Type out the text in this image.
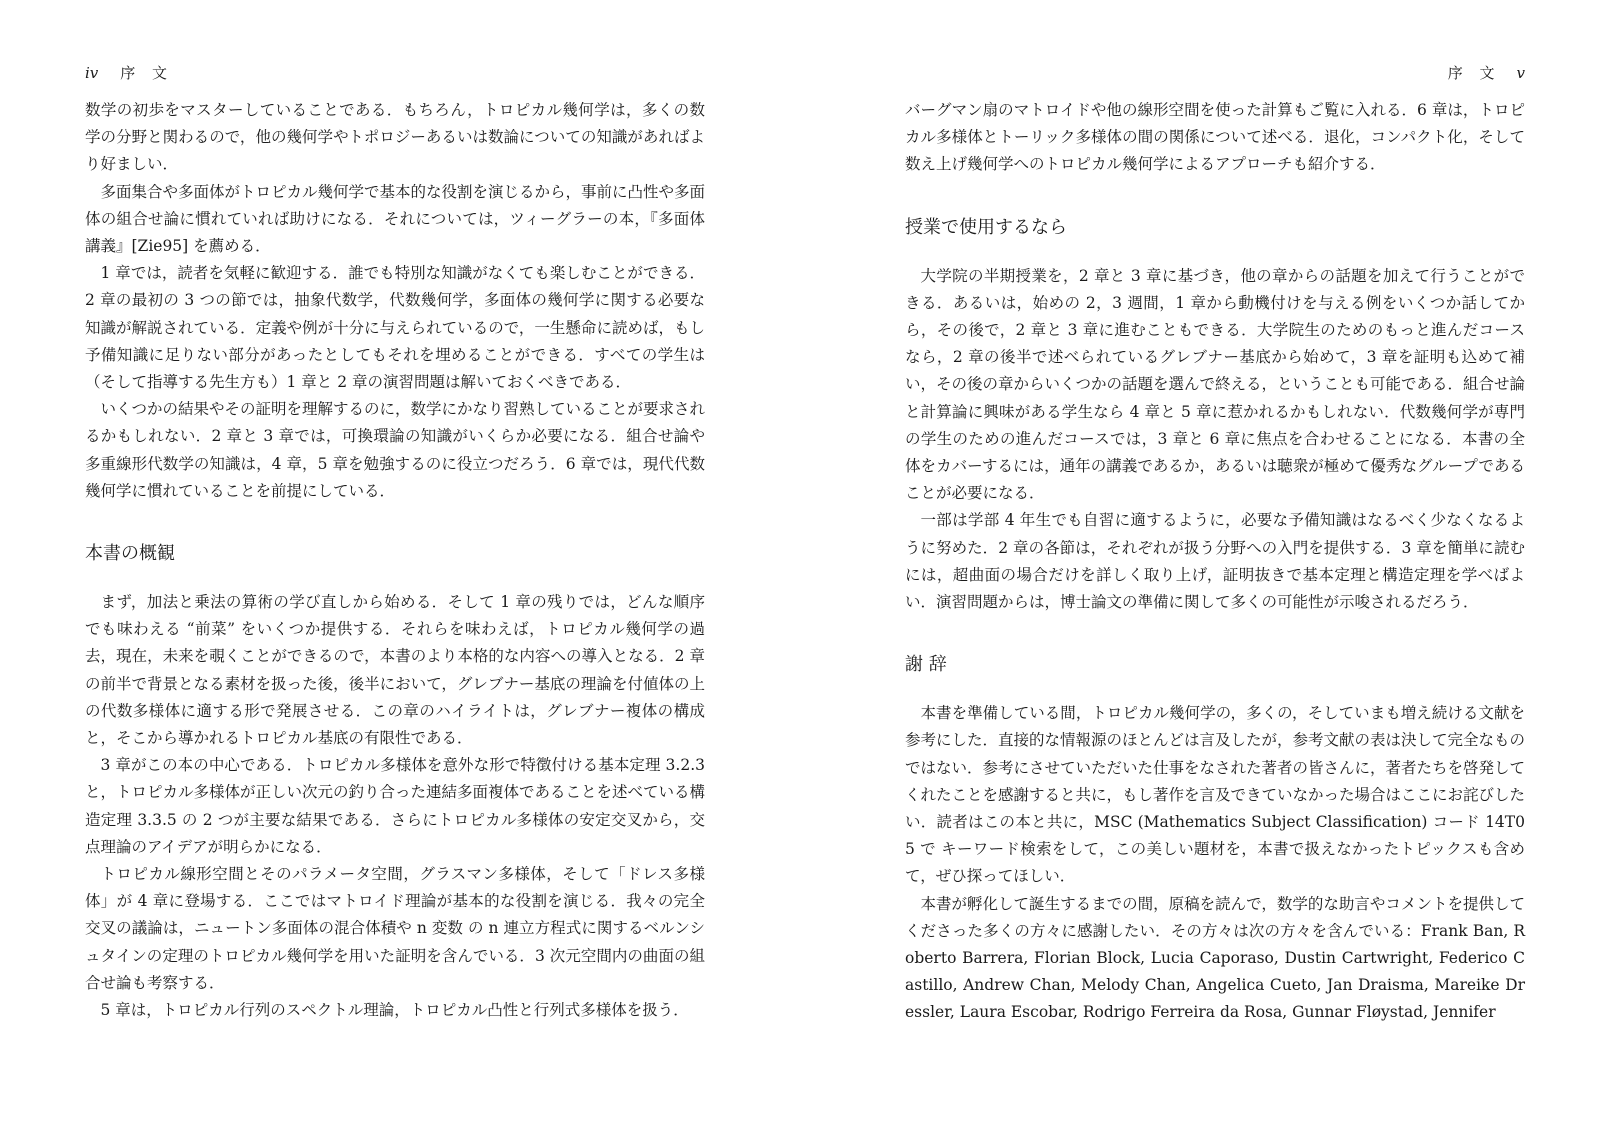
iv 序 文

数学の初歩をマスターしていることである．もちろん，トロピカル幾何学は，多くの数学の分野と関わるので，他の幾何学やトポロジーあるいは数論についての知識があればより好ましい．

多面集合や多面体がトロピカル幾何学で基本的な役割を演じるから，事前に凸性や多面体の組合せ論に慣れていれば助けになる．それについては，ツィーグラーの本，『多面体講義』[Zie95] を薦める．

1 章では，読者を気軽に歓迎する．誰でも特別な知識がなくても楽しむことができる．2 章の最初の 3 つの節では，抽象代数学，代数幾何学，多面体の幾何学に関する必要な知識が解説されている．定義や例が十分に与えられているので，一生懸命に読めば，もし予備知識に足りない部分があったとしてもそれを埋めることができる．すべての学生は（そして指導する先生方も）1 章と 2 章の演習問題は解いておくべきである．

いくつかの結果やその証明を理解するのに，数学にかなり習熟していることが要求されるかもしれない．2 章と 3 章では，可換環論の知識がいくらか必要になる．組合せ論や多重線形代数学の知識は，4 章，5 章を勉強するのに役立つだろう．6 章では，現代代数幾何学に慣れていることを前提にしている．

本書の概観

まず，加法と乗法の算術の学び直しから始める．そして 1 章の残りでは，どんな順序でも味わえる “前菜” をいくつか提供する．それらを味わえば，トロピカル幾何学の過去，現在，未来を覗くことができるので，本書のより本格的な内容への導入となる．2 章の前半で背景となる素材を扱った後，後半において，グレブナー基底の理論を付値体の上の代数多様体に適する形で発展させる．この章のハイライトは，グレブナー複体の構成と，そこから導かれるトロピカル基底の有限性である．

3 章がこの本の中心である．トロピカル多様体を意外な形で特徴付ける基本定理 3.2.3 と，トロピカル多様体が正しい次元の釣り合った連結多面複体であることを述べている構造定理 3.3.5 の 2 つが主要な結果である．さらにトロピカル多様体の安定交叉から，交点理論のアイデアが明らかになる．

トロピカル線形空間とそのパラメータ空間，グラスマン多様体，そして「ドレス多様体」が 4 章に登場する．ここではマトロイド理論が基本的な役割を演じる．我々の完全交叉の議論は，ニュートン多面体の混合体積や n 変数 の n 連立方程式に関するベルンシュタインの定理のトロピカル幾何学を用いた証明を含んでいる．3 次元空間内の曲面の組合せ論も考察する．

5 章は，トロピカル行列のスペクトル理論，トロピカル凸性と行列式多様体を扱う．

序 文 v

バーグマン扇のマトロイドや他の線形空間を使った計算もご覧に入れる．6 章は，トロピカル多様体とトーリック多様体の間の関係について述べる．退化，コンパクト化，そして数え上げ幾何学へのトロピカル幾何学によるアプローチも紹介する．

授業で使用するなら

大学院の半期授業を，2 章と 3 章に基づき，他の章からの話題を加えて行うことができる．あるいは，始めの 2，3 週間，1 章から動機付けを与える例をいくつか話してから，その後で，2 章と 3 章に進むこともできる．大学院生のためのもっと進んだコースなら，2 章の後半で述べられているグレブナー基底から始めて，3 章を証明も込めて補い，その後の章からいくつかの話題を選んで終える，ということも可能である．組合せ論と計算論に興味がある学生なら 4 章と 5 章に惹かれるかもしれない．代数幾何学が専門の学生のための進んだコースでは，3 章と 6 章に焦点を合わせることになる．本書の全体をカバーするには，通年の講義であるか，あるいは聴衆が極めて優秀なグループであることが必要になる．

一部は学部 4 年生でも自習に適するように，必要な予備知識はなるべく少なくなるように努めた．2 章の各節は，それぞれが扱う分野への入門を提供する．3 章を簡単に読むには，超曲面の場合だけを詳しく取り上げ，証明抜きで基本定理と構造定理を学べばよい．演習問題からは，博士論文の準備に関して多くの可能性が示唆されるだろう．

謝 辞

本書を準備している間，トロピカル幾何学の，多くの，そしていまも増え続ける文献を参考にした．直接的な情報源のほとんどは言及したが，参考文献の表は決して完全なものではない．参考にさせていただいた仕事をなされた著者の皆さんに，著者たちを啓発してくれたことを感謝すると共に，もし著作を言及できていなかった場合はここにお詫びしたい．読者はこの本と共に，MSC (Mathematics Subject Classification) コード 14T05 で キーワード検索をして，この美しい題材を，本書で扱えなかったトピックスも含めて，ぜひ探ってほしい．

本書が孵化して誕生するまでの間，原稿を読んで，数学的な助言やコメントを提供してくださった多くの方々に感謝したい．その方々は次の方々を含んでいる：Frank Ban, Roberto Barrera, Florian Block, Lucia Caporaso, Dustin Cartwright, Federico Castillo, Andrew Chan, Melody Chan, Angelica Cueto, Jan Draisma, Mareike Dressler, Laura Escobar, Rodrigo Ferreira da Rosa, Gunnar Fløystad, Jennifer
